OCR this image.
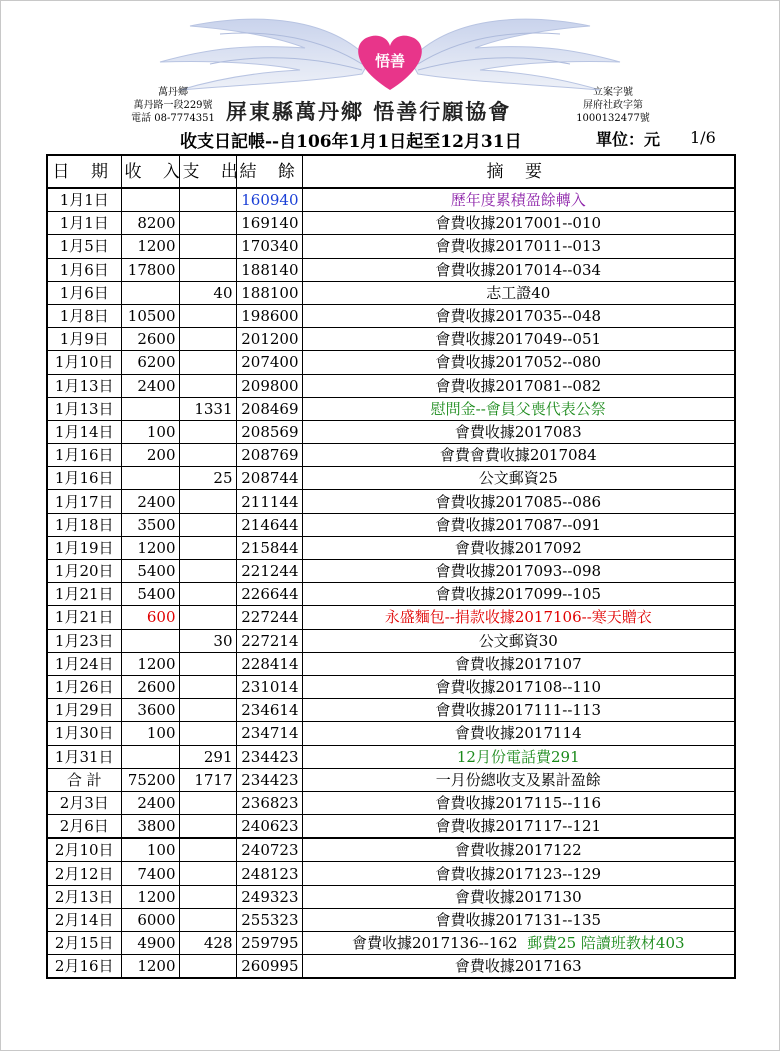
悟善
萬丹鄉
萬丹路一段229號
電話 08-7774351 屏東縣萬丹鄉 悟善行願協會
立案字號
屏府社政字第
1000132477號
收支日記帳--自106年1月1日起至12月31日	單位：元 1/6
日 期	收 入	支 出	結 餘	摘 要
1月1日			160940	歷年度累積盈餘轉入
1月1日	8200		169140	會費收據2017001--010
1月5日	1200		170340	會費收據2017011--013
1月6日	17800		188140	會費收據2017014--034
1月6日		40	188100	志工證40
1月8日	10500		198600	會費收據2017035--048
1月9日	2600		201200	會費收據2017049--051
1月10日	6200		207400	會費收據2017052--080
1月13日	2400		209800	會費收據2017081--082
1月13日		1331	208469	慰問金--會員父喪代表公祭
1月14日	100		208569	會費收據2017083
1月16日	200		208769	會費會費收據2017084
1月16日		25	208744	公文郵資25
1月17日	2400		211144	會費收據2017085--086
1月18日	3500		214644	會費收據2017087--091
1月19日	1200		215844	會費收據2017092
1月20日	5400		221244	會費收據2017093--098
1月21日	5400		226644	會費收據2017099--105
1月21日	600		227244	永盛麵包--捐款收據2017106--寒天贈衣
1月23日		30	227214	公文郵資30
1月24日	1200		228414	會費收據2017107
1月26日	2600		231014	會費收據2017108--110
1月29日	3600		234614	會費收據2017111--113
1月30日	100		234714	會費收據2017114
1月31日		291	234423	12月份電話費291
合 計	75200	1717	234423	一月份總收支及累計盈餘
2月3日	2400		236823	會費收據2017115--116
2月6日	3800		240623	會費收據2017117--121
2月10日	100		240723	會費收據2017122
2月12日	7400		248123	會費收據2017123--129
2月13日	1200		249323	會費收據2017130
2月14日	6000		255323	會費收據2017131--135
2月15日	4900	428	259795	會費收據2017136--162 郵費25 陪讀班教材403
2月16日	1200		260995	會費收據2017163
